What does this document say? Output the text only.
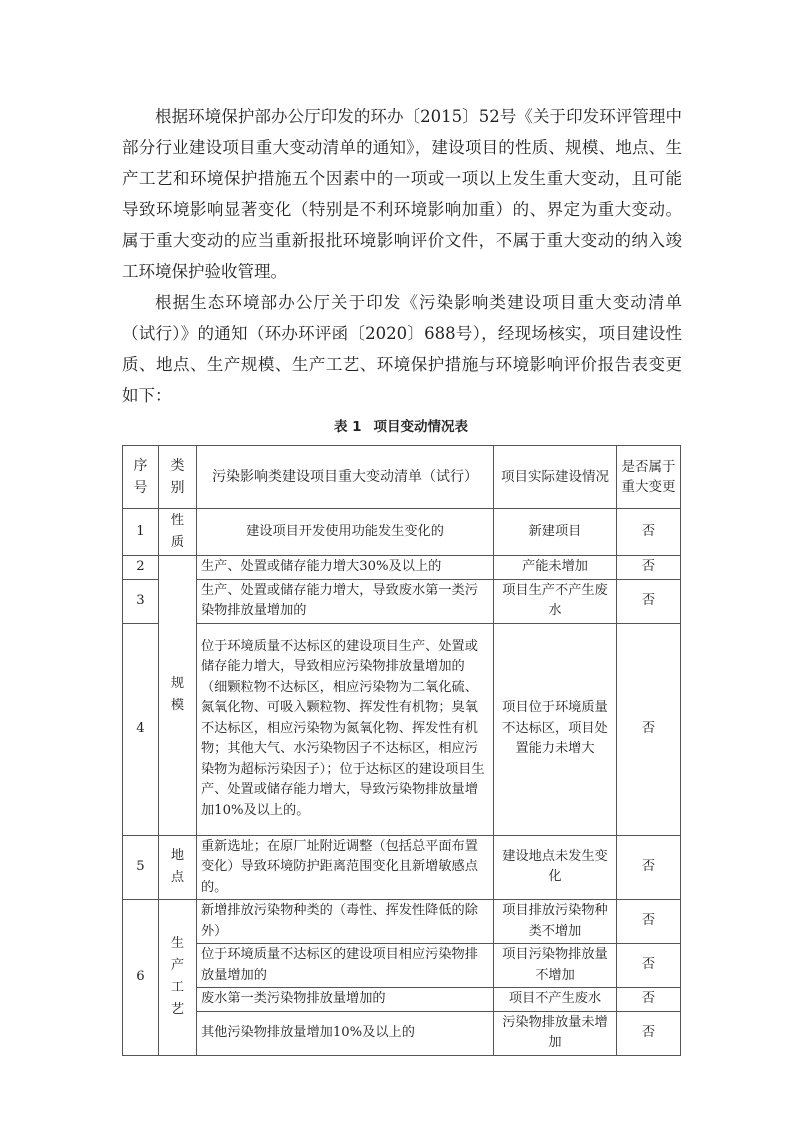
根据环境保护部办公厅印发的环办〔2015〕52号《关于印发环评管理中部分行业建设项目重大变动清单的通知》，建设项目的性质、规模、地点、生产工艺和环境保护措施五个因素中的一项或一项以上发生重大变动，且可能导致环境影响显著变化（特别是不利环境影响加重）的、界定为重大变动。属于重大变动的应当重新报批环境影响评价文件，不属于重大变动的纳入竣工环境保护验收管理。

根据生态环境部办公厅关于印发《污染影响类建设项目重大变动清单（试行）》的通知（环办环评函〔2020〕688号），经现场核实，项目建设性质、地点、生产规模、生产工艺、环境保护措施与环境影响评价报告表变更如下：

表 1 项目变动情况表
序号	类别	污染影响类建设项目重大变动清单（试行）	项目实际建设情况	是否属于重大变更
1	性质	建设项目开发使用功能发生变化的	新建项目	否
2	规模	生产、处置或储存能力增大30%及以上的	产能未增加	否
3		生产、处置或储存能力增大，导致废水第一类污染物排放量增加的	项目生产不产生废水	否
4		位于环境质量不达标区的建设项目生产、处置或储存能力增大，导致相应污染物排放量增加的（细颗粒物不达标区，相应污染物为二氧化硫、氮氧化物、可吸入颗粒物、挥发性有机物；臭氧不达标区，相应污染物为氮氧化物、挥发性有机物；其他大气、水污染物因子不达标区，相应污染物为超标污染因子）；位于达标区的建设项目生产、处置或储存能力增大，导致污染物排放量增加10%及以上的。	项目位于环境质量不达标区，项目处置能力未增大	否
5	地点	重新选址；在原厂址附近调整（包括总平面布置变化）导致环境防护距离范围变化且新增敏感点的。	建设地点未发生变化	否
6	生产工艺	新增排放污染物种类的（毒性、挥发性降低的除外）	项目排放污染物种类不增加	否
		位于环境质量不达标区的建设项目相应污染物排放量增加的	项目污染物排放量不增加	否
		废水第一类污染物排放量增加的	项目不产生废水	否
		其他污染物排放量增加10%及以上的	污染物排放量未增加	否
